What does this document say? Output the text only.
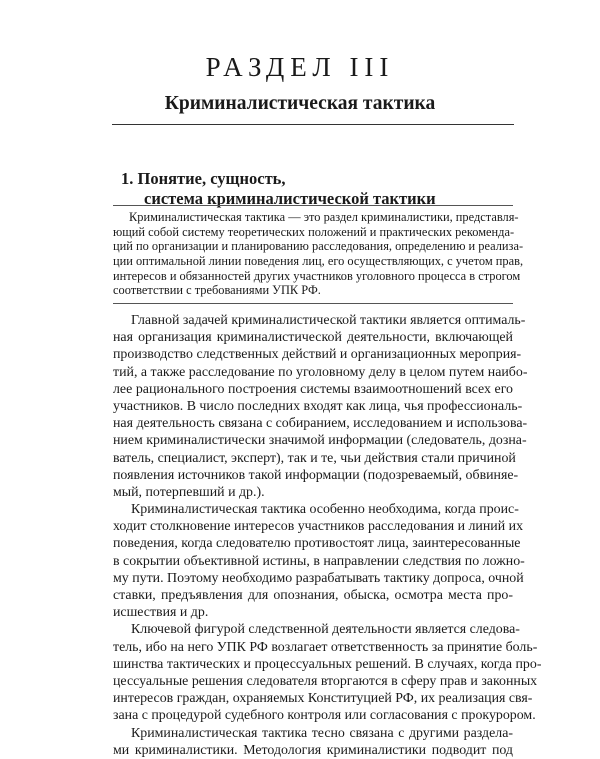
РАЗДЕЛ III
Криминалистическая тактика
1. Понятие, сущность,
система криминалистической тактики
Криминалистическая тактика — это раздел криминалистики, представля-
ющий собой систему теоретических положений и практических рекоменда-
ций по организации и планированию расследования, определению и реализа-
ции оптимальной линии поведения лиц, его осуществляющих, с учетом прав,
интересов и обязанностей других участников уголовного процесса в строгом
соответствии с требованиями УПК РФ.
Главной задачей криминалистической тактики является оптималь-
ная организация криминалистической деятельности, включающей
производство следственных действий и организационных мероприя-
тий, а также расследование по уголовному делу в целом путем наибо-
лее рационального построения системы взаимоотношений всех его
участников. В число последних входят как лица, чья профессиональ-
ная деятельность связана с собиранием, исследованием и использова-
нием криминалистически значимой информации (следователь, дозна-
ватель, специалист, эксперт), так и те, чьи действия стали причиной
появления источников такой информации (подозреваемый, обвиняе-
мый, потерпевший и др.).
Криминалистическая тактика особенно необходима, когда проис-
ходит столкновение интересов участников расследования и линий их
поведения, когда следователю противостоят лица, заинтересованные
в сокрытии объективной истины, в направлении следствия по ложно-
му пути. Поэтому необходимо разрабатывать тактику допроса, очной
ставки, предъявления для опознания, обыска, осмотра места про-
исшествия и др.
Ключевой фигурой следственной деятельности является следова-
тель, ибо на него УПК РФ возлагает ответственность за принятие боль-
шинства тактических и процессуальных решений. В случаях, когда про-
цессуальные решения следователя вторгаются в сферу прав и законных
интересов граждан, охраняемых Конституцией РФ, их реализация свя-
зана с процедурой судебного контроля или согласования с прокурором.
Криминалистическая тактика тесно связана с другими раздела-
ми криминалистики. Методология криминалистики подводит под
